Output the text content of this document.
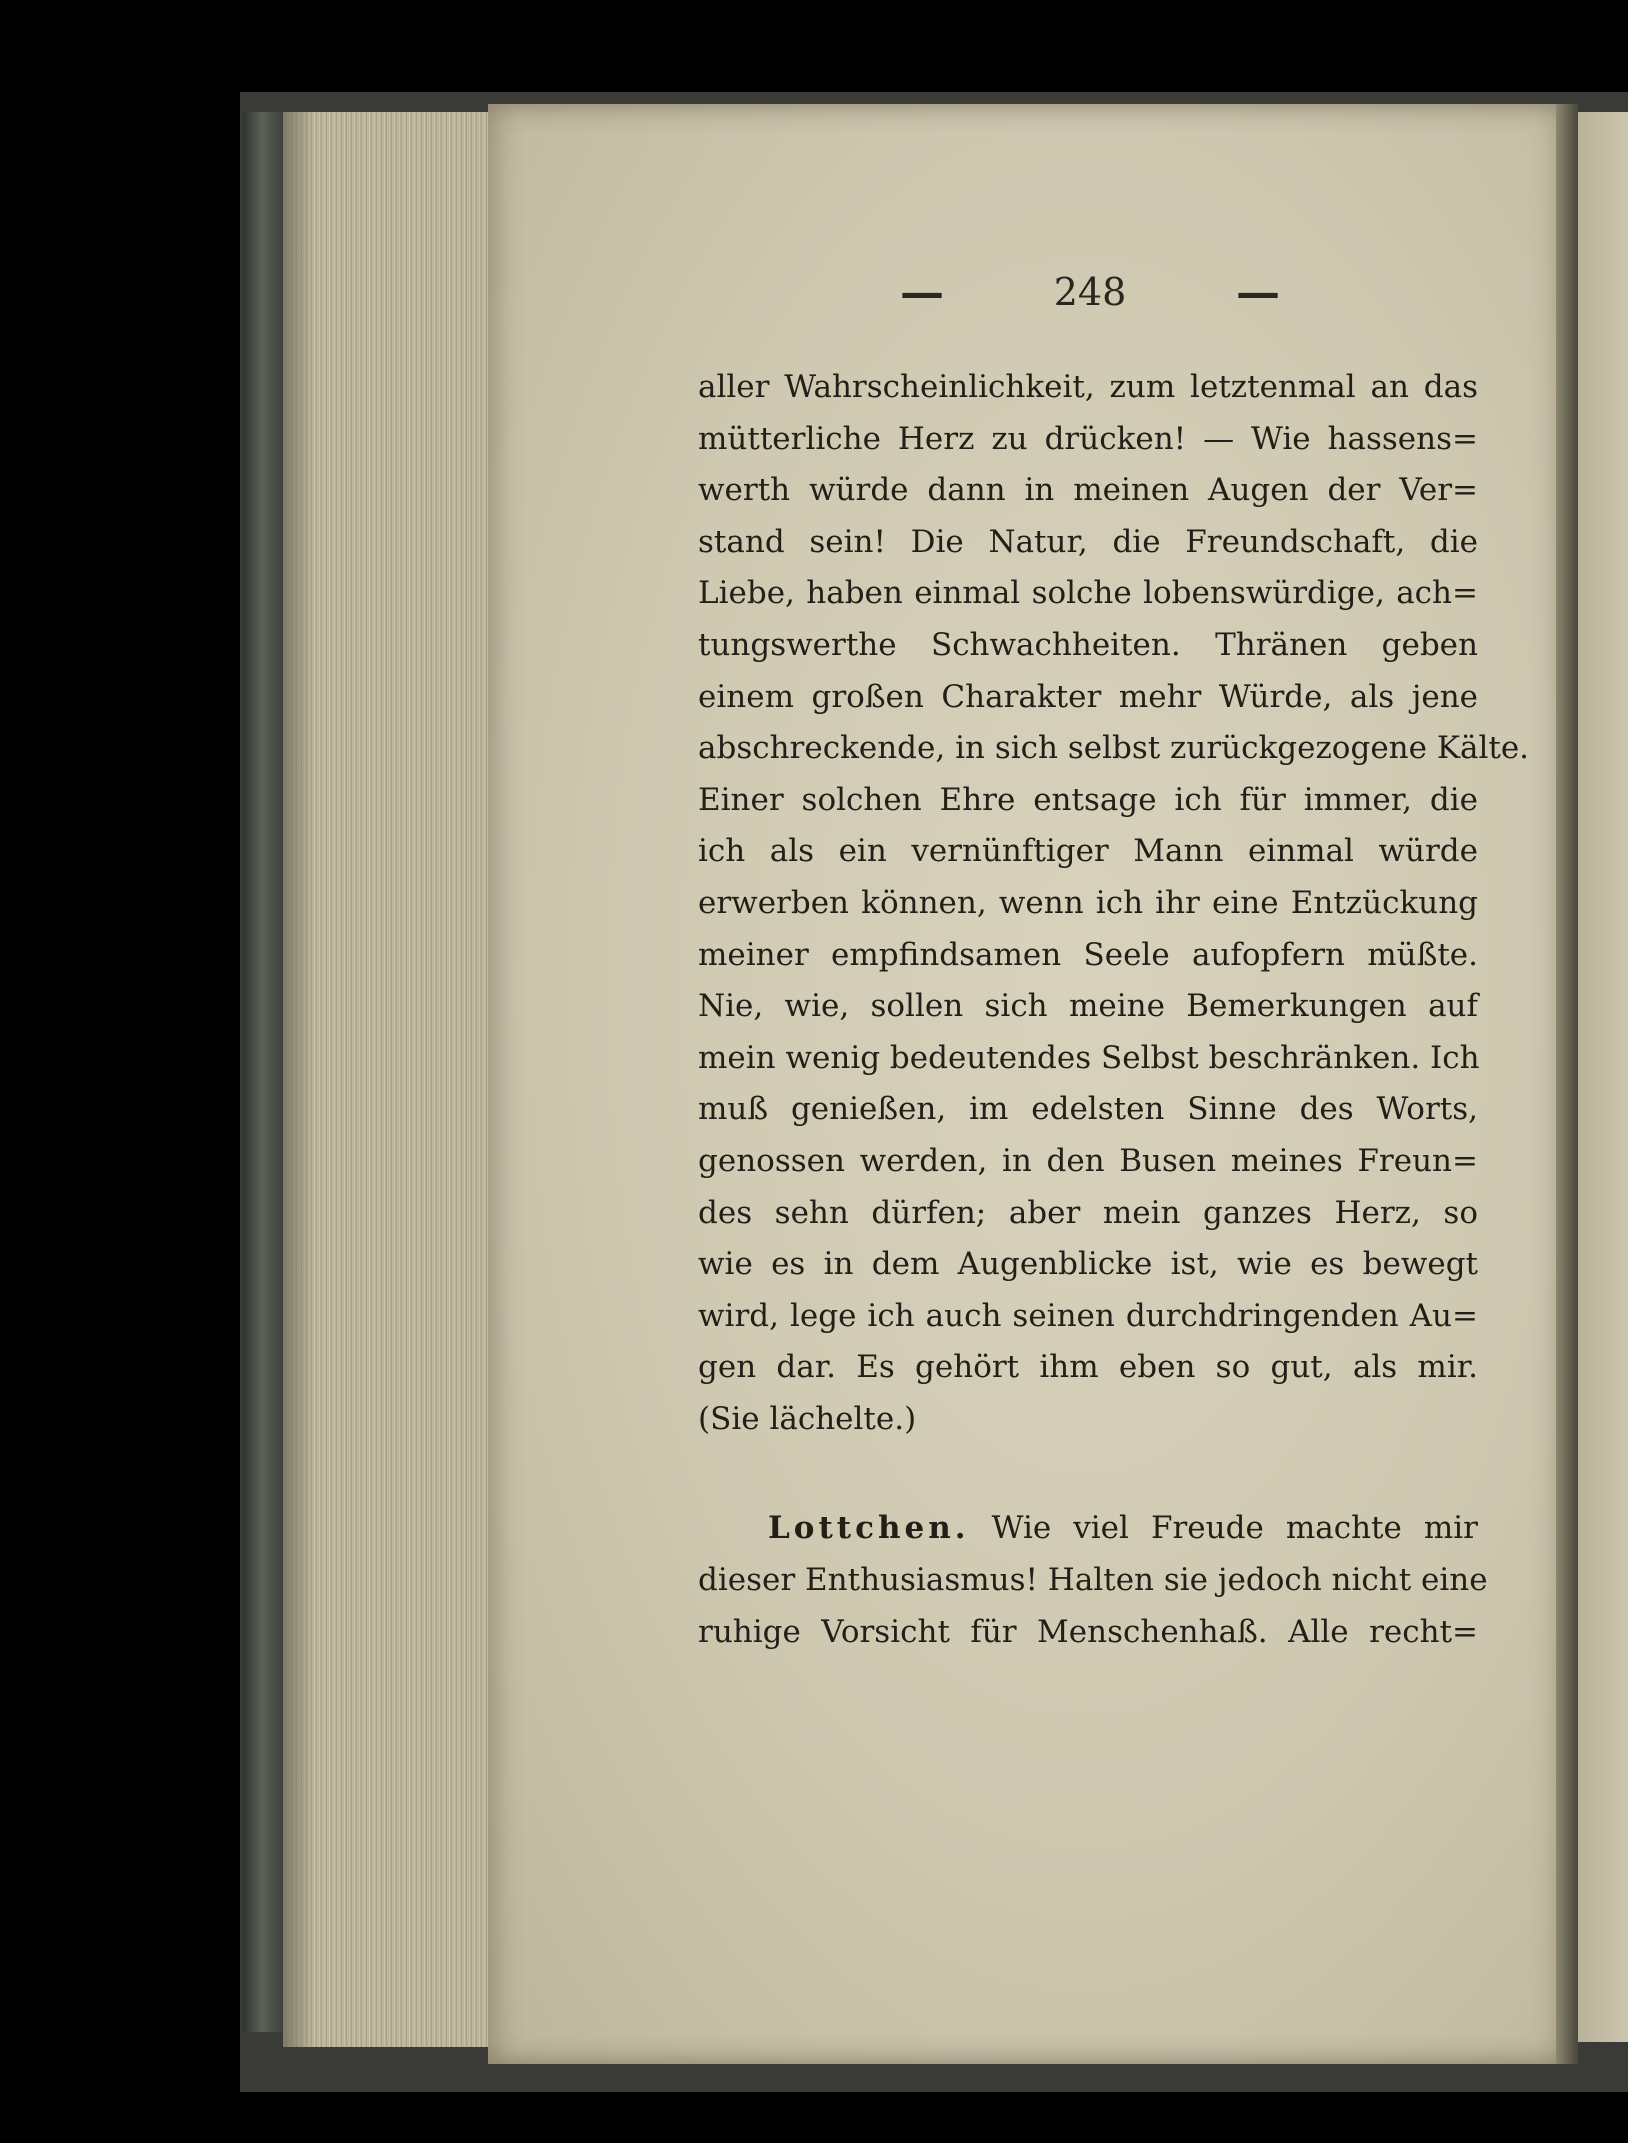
—	248 —
aller Wahrscheinlichkeit, zum letztenmal an das
mütterliche Herz zu drücken! — Wie hassens=
werth würde dann in meinen Augen der Ver=
stand sein! Die Natur, die Freundschaft, die
Liebe, haben einmal solche lobenswürdige, ach=
tungswerthe Schwachheiten. Thränen geben
einem großen Charakter mehr Würde, als jene
abschreckende, in sich selbst zurückgezogene Kälte.
Einer solchen Ehre entsage ich für immer, die
ich als ein vernünftiger Mann einmal würde
erwerben können, wenn ich ihr eine Entzückung
meiner empfindsamen Seele aufopfern müßte.
Nie, wie, sollen sich meine Bemerkungen auf
mein wenig bedeutendes Selbst beschränken. Ich
muß genießen, im edelsten Sinne des Worts,
genossen werden, in den Busen meines Freun=
des sehn dürfen; aber mein ganzes Herz, so
wie es in dem Augenblicke ist, wie es bewegt
wird, lege ich auch seinen durchdringenden Au=
gen dar. Es gehört ihm eben so gut, als mir.
(Sie lächelte.)
Lottchen. Wie viel Freude machte mir
dieser Enthusiasmus! Halten sie jedoch nicht eine
ruhige Vorsicht für Menschenhaß. Alle recht=
